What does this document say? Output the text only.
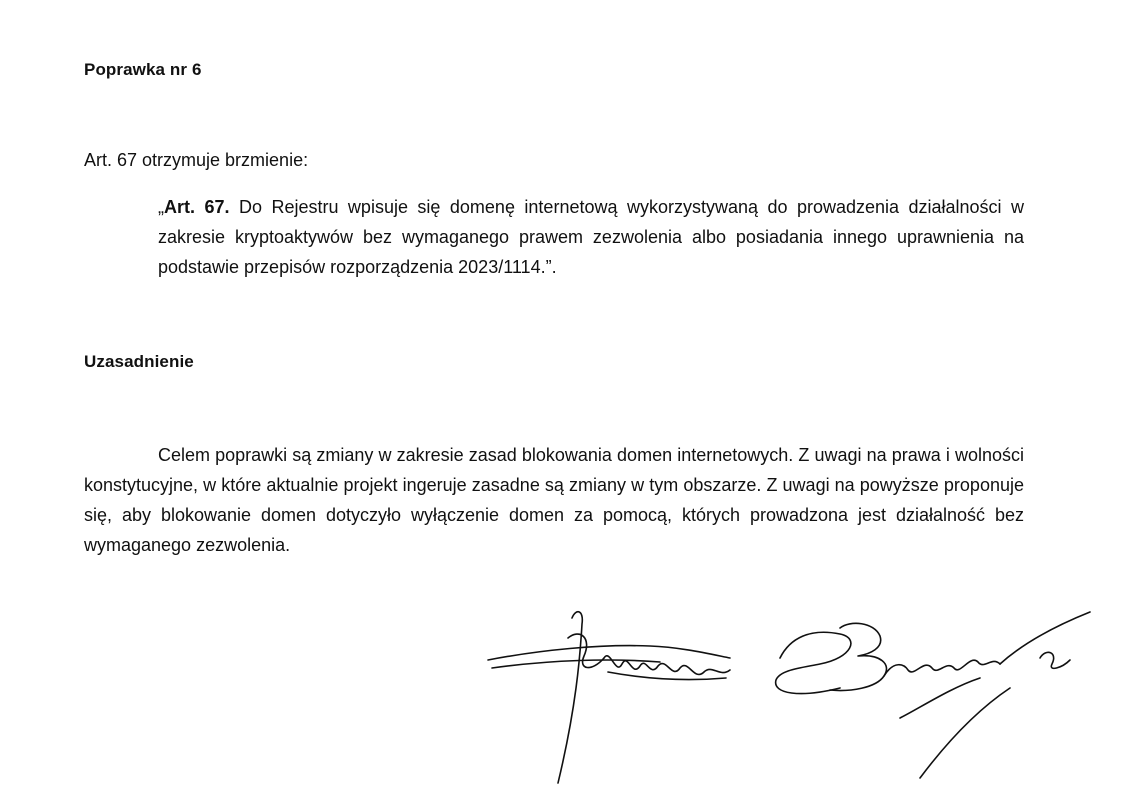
Poprawka nr 6
Art. 67 otrzymuje brzmienie:
„Art. 67. Do Rejestru wpisuje się domenę internetową wykorzystywaną do prowadzenia działalności w zakresie kryptoaktywów bez wymaganego prawem zezwolenia albo posiadania innego uprawnienia na podstawie przepisów rozporządzenia 2023/1114.”.
Uzasadnienie
Celem poprawki są zmiany w zakresie zasad blokowania domen internetowych. Z uwagi na prawa i wolności konstytucyjne, w które aktualnie projekt ingeruje zasadne są zmiany w tym obszarze. Z uwagi na powyższe proponuje się, aby blokowanie domen dotyczyło wyłączenie domen za pomocą, których prowadzona jest działalność bez wymaganego zezwolenia.
